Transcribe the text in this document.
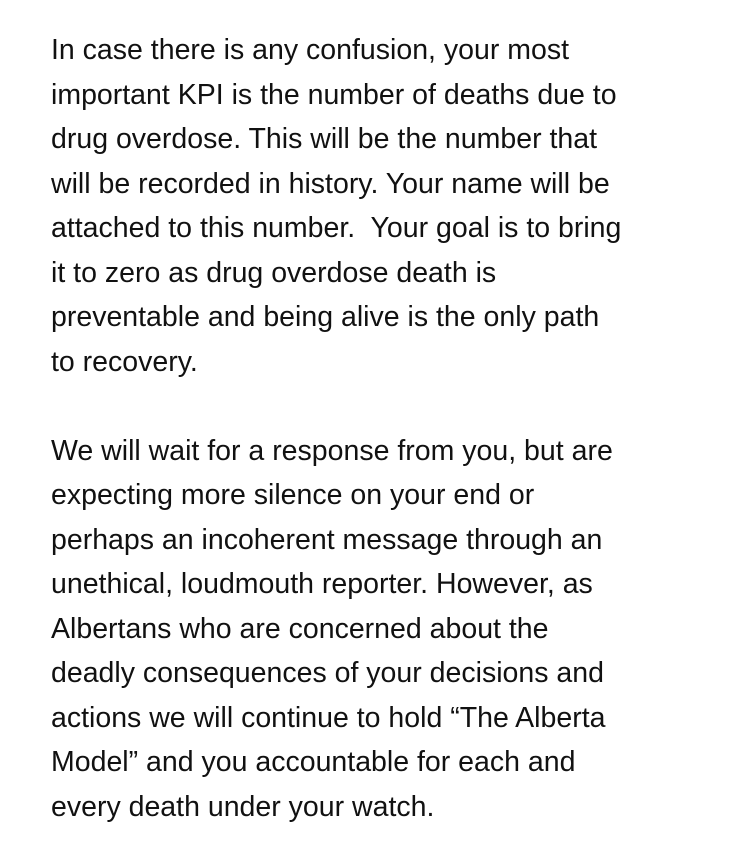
In case there is any confusion, your most
important KPI is the number of deaths due to
drug overdose. This will be the number that
will be recorded in history. Your name will be
attached to this number.  Your goal is to bring
it to zero as drug overdose death is
preventable and being alive is the only path
to recovery.

We will wait for a response from you, but are
expecting more silence on your end or
perhaps an incoherent message through an
unethical, loudmouth reporter. However, as
Albertans who are concerned about the
deadly consequences of your decisions and
actions we will continue to hold “The Alberta
Model” and you accountable for each and
every death under your watch.
